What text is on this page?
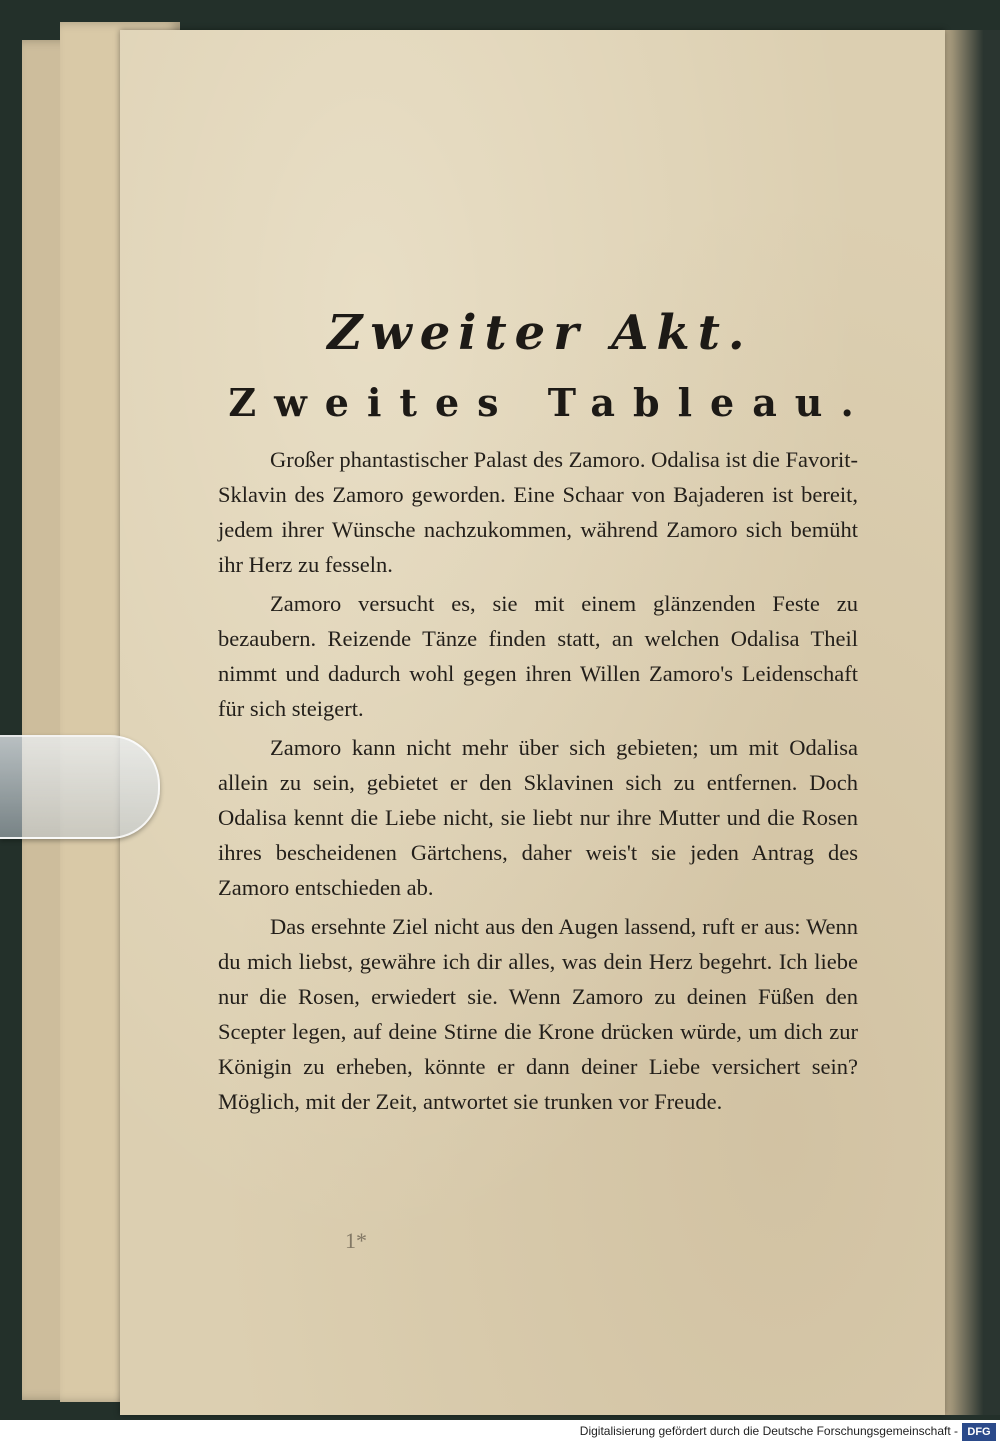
Zweiter Akt.
Zweites Tableau.

Großer phantastischer Palast des Zamoro. Odalisa ist die Favorit-Sklavin des Zamoro geworden. Eine Schaar von Bajaderen ist bereit, jedem ihrer Wünsche nachzukommen, während Zamoro sich bemüht ihr Herz zu fesseln.

Zamoro versucht es, sie mit einem glänzenden Feste zu bezaubern. Reizende Tänze finden statt, an welchen Odalisa Theil nimmt und dadurch wohl gegen ihren Willen Zamoro's Leidenschaft für sich steigert.

Zamoro kann nicht mehr über sich gebieten; um mit Odalisa allein zu sein, gebietet er den Sklavinen sich zu entfernen. Doch Odalisa kennt die Liebe nicht, sie liebt nur ihre Mutter und die Rosen ihres bescheidenen Gärtchens, daher weis't sie jeden Antrag des Zamoro entschieden ab.

Das ersehnte Ziel nicht aus den Augen lassend, ruft er aus: Wenn du mich liebst, gewähre ich dir alles, was dein Herz begehrt. Ich liebe nur die Rosen, erwiedert sie. Wenn Zamoro zu deinen Füßen den Scepter legen, auf deine Stirne die Krone drücken würde, um dich zur Königin zu erheben, könnte er dann deiner Liebe versichert sein? Möglich, mit der Zeit, antwortet sie trunken vor Freude.

1*
Digitalisierung gefördert durch die Deutsche Forschungsgemeinschaft - DFG
